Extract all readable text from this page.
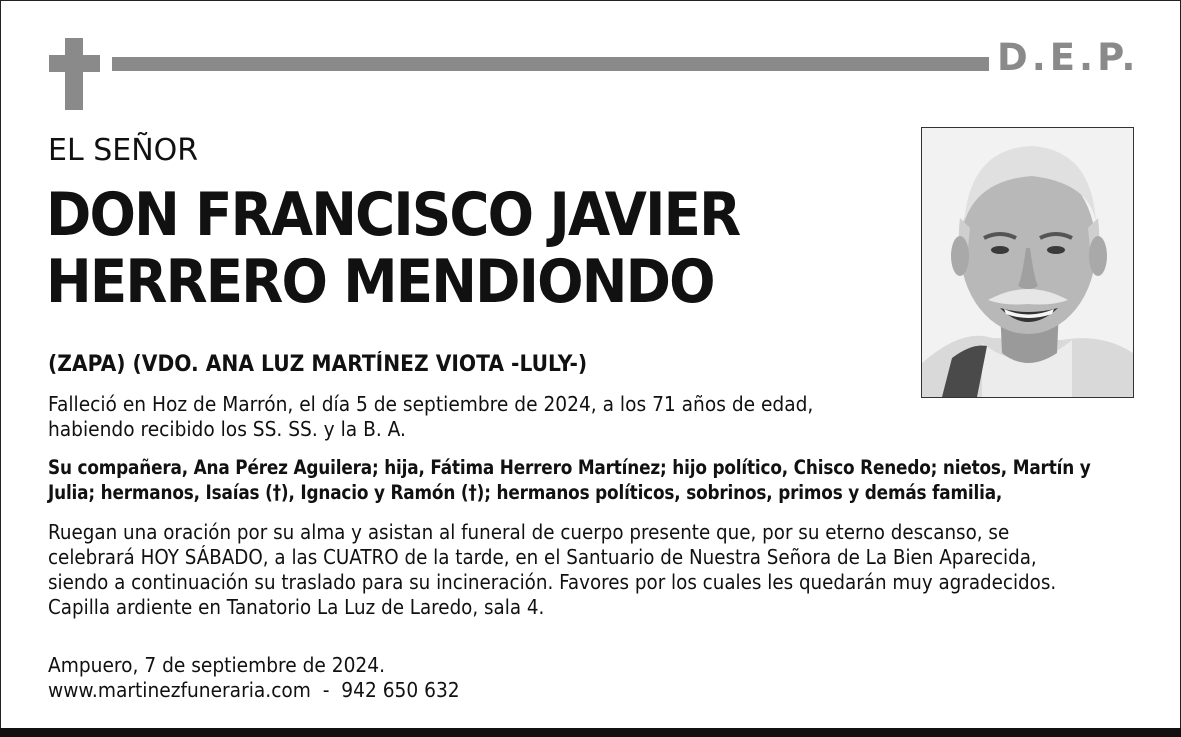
D.E.P.
EL SEÑOR
DON FRANCISCO JAVIER
HERRERO MENDIONDO
(ZAPA) (VDO. ANA LUZ MARTÍNEZ VIOTA -LULY-)
Falleció en Hoz de Marrón, el día 5 de septiembre de 2024, a los 71 años de edad,
habiendo recibido los SS. SS. y la B. A.
Su compañera, Ana Pérez Aguilera; hija, Fátima Herrero Martínez; hijo político, Chisco Renedo; nietos, Martín y
Julia; hermanos, Isaías (†), Ignacio y Ramón (†); hermanos políticos, sobrinos, primos y demás familia,
Ruegan una oración por su alma y asistan al funeral de cuerpo presente que, por su eterno descanso, se
celebrará HOY SÁBADO, a las CUATRO de la tarde, en el Santuario de Nuestra Señora de La Bien Aparecida,
siendo a continuación su traslado para su incineración. Favores por los cuales les quedarán muy agradecidos.
Capilla ardiente en Tanatorio La Luz de Laredo, sala 4.
Ampuero, 7 de septiembre de 2024.
www.martinezfuneraria.com - 942 650 632
